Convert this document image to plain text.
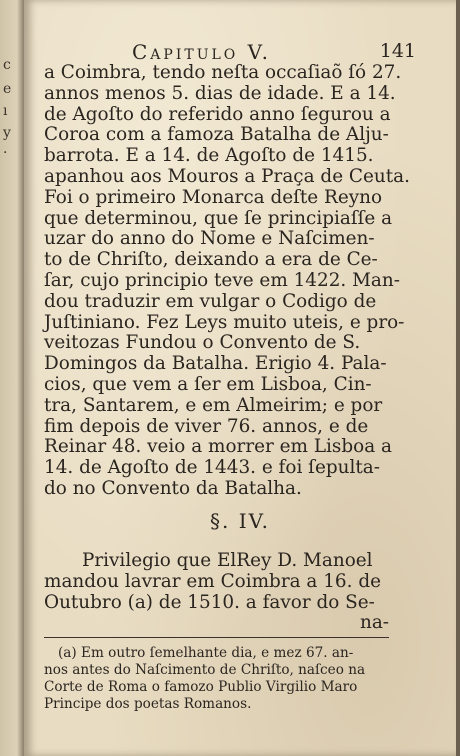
c
e
ı
y
·
Capitulo V.	141
a Coimbra, tendo neſta occaſiaõ ſó 27.
annos menos 5. dias de idade. E a 14.
de Agoſto do referido anno ſegurou a
Coroa com a famoza Batalha de Alju-
barrota. E a 14. de Agoſto de 1415.
apanhou aos Mouros a Praça de Ceuta.
Foi o primeiro Monarca deſte Reyno
que determinou, que ſe principiaſſe a
uzar do anno do Nome e Naſcimen-
to de Chriſto, deixando a era de Ce-
ſar, cujo principio teve em 1422. Man-
dou traduzir em vulgar o Codigo de
Juſtiniano. Fez Leys muito uteis, e pro-
veitozas Fundou o Convento de S.
Domingos da Batalha. Erigio 4. Pala-
cios, que vem a ſer em Lisboa, Cin-
tra, Santarem, e em Almeirim; e por
fim depois de viver 76. annos, e de
Reinar 48. veio a morrer em Lisboa a
14. de Agoſto de 1443. e foi ſepulta-
do no Convento da Batalha.
§. IV.
Privilegio que ElRey D. Manoel
mandou lavrar em Coimbra a 16. de
Outubro (a) de 1510. a favor do Se-
na-
(a) Em outro ſemelhante dia, e mez 67. an-
nos antes do Naſcimento de Chriſto, naſceo na
Corte de Roma o famozo Publio Virgilio Maro
Principe dos poetas Romanos.
